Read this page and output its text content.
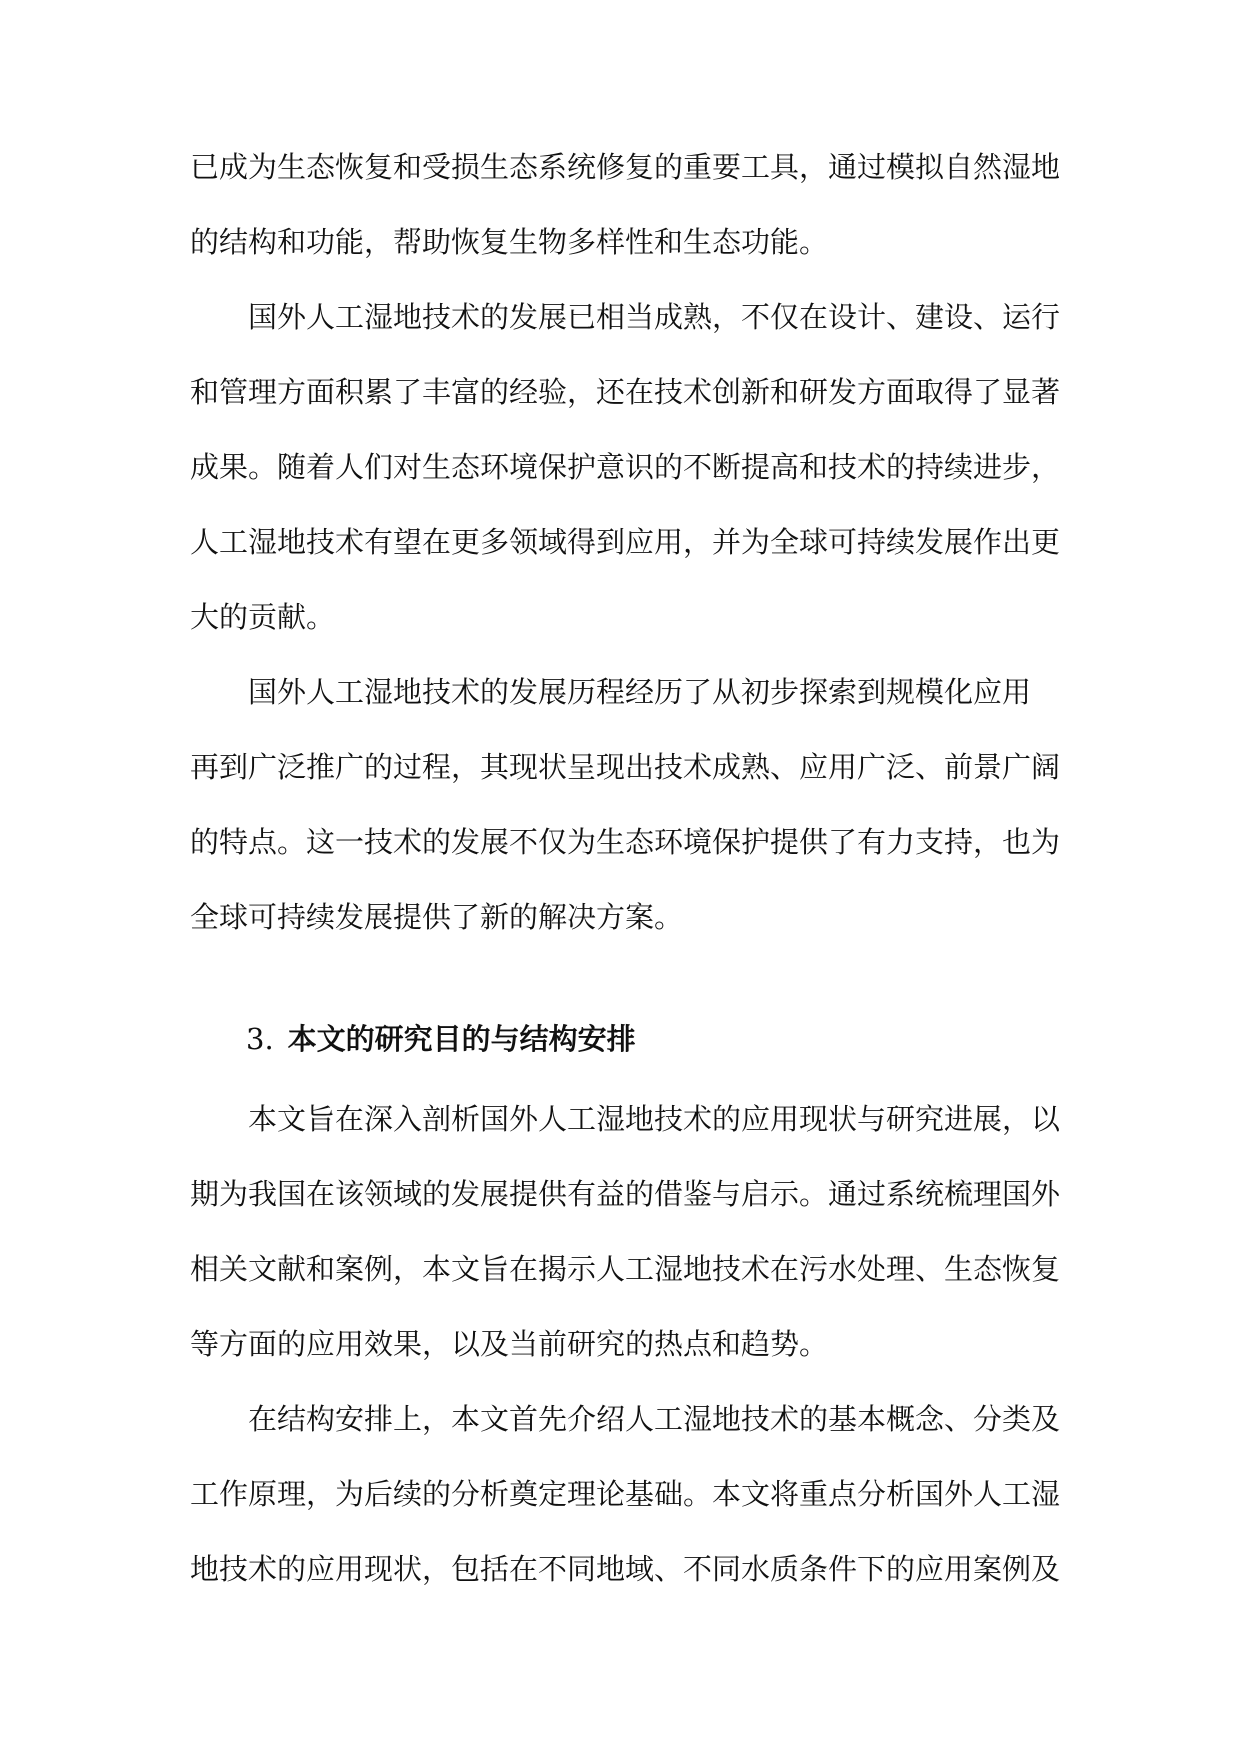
已成为生态恢复和受损生态系统修复的重要工具，通过模拟自然湿地
的结构和功能，帮助恢复生物多样性和生态功能。
国外人工湿地技术的发展已相当成熟，不仅在设计、建设、运行
和管理方面积累了丰富的经验，还在技术创新和研发方面取得了显著
成果。随着人们对生态环境保护意识的不断提高和技术的持续进步，
人工湿地技术有望在更多领域得到应用，并为全球可持续发展作出更
大的贡献。
国外人工湿地技术的发展历程经历了从初步探索到规模化应用
再到广泛推广的过程，其现状呈现出技术成熟、应用广泛、前景广阔
的特点。这一技术的发展不仅为生态环境保护提供了有力支持，也为
全球可持续发展提供了新的解决方案。
3. 本文的研究目的与结构安排
本文旨在深入剖析国外人工湿地技术的应用现状与研究进展，以
期为我国在该领域的发展提供有益的借鉴与启示。通过系统梳理国外
相关文献和案例，本文旨在揭示人工湿地技术在污水处理、生态恢复
等方面的应用效果，以及当前研究的热点和趋势。
在结构安排上，本文首先介绍人工湿地技术的基本概念、分类及
工作原理，为后续的分析奠定理论基础。本文将重点分析国外人工湿
地技术的应用现状，包括在不同地域、不同水质条件下的应用案例及
